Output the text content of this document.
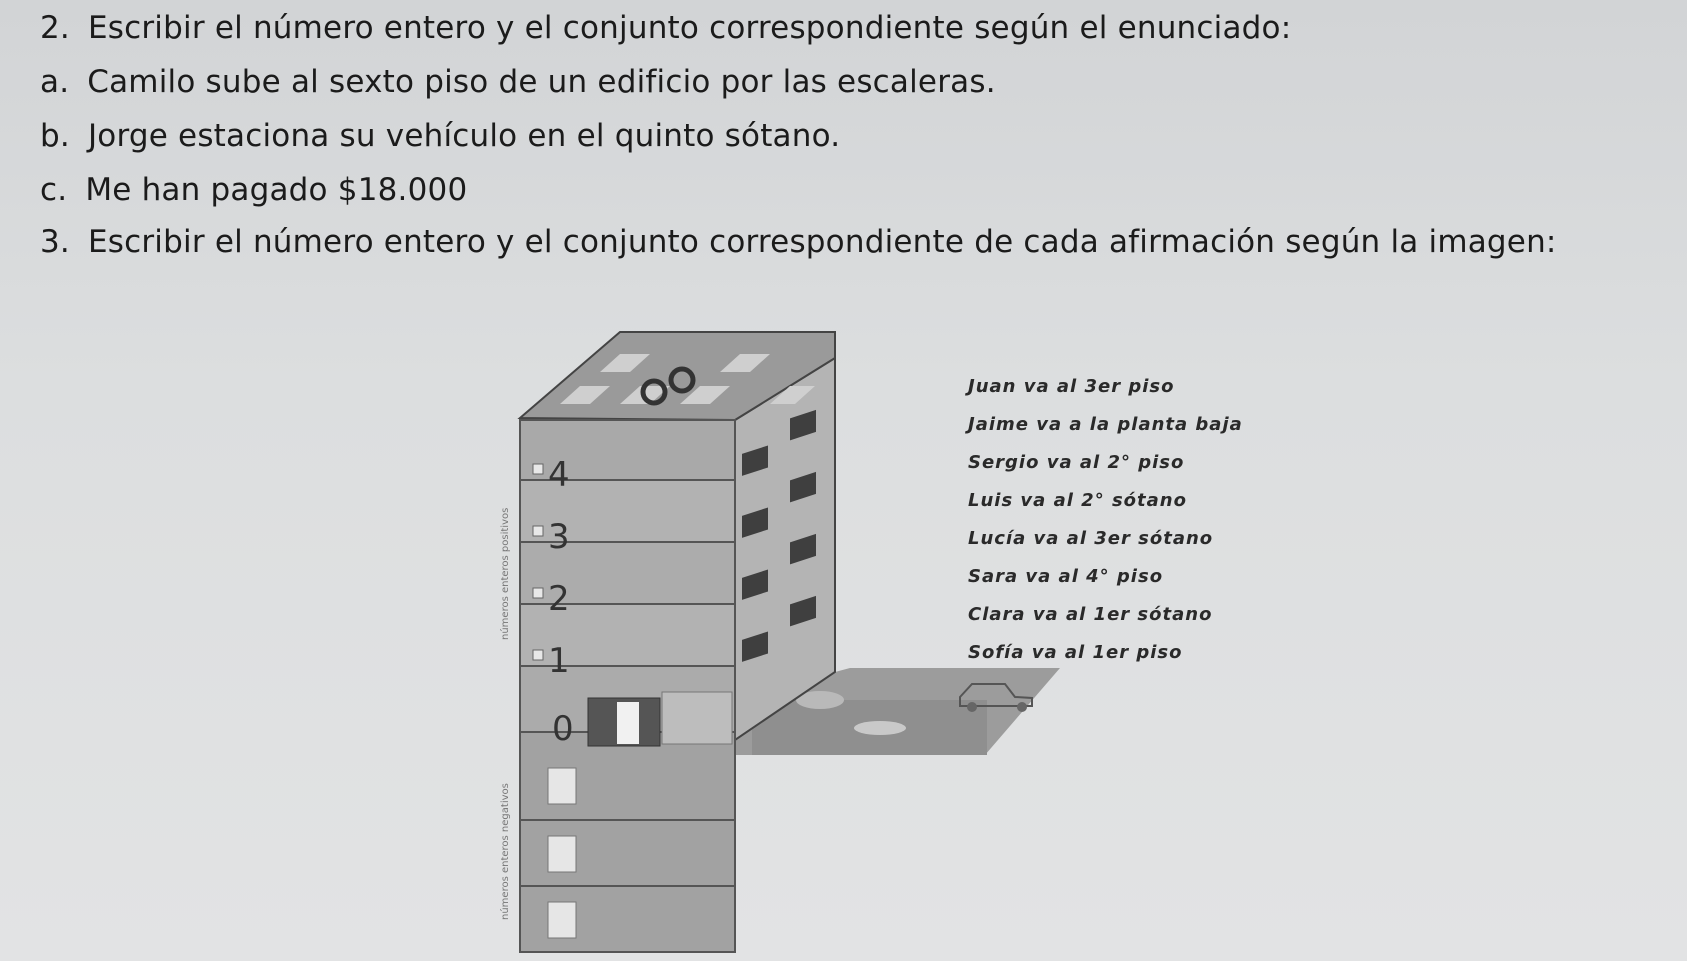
2. Escribir el número entero y el conjunto correspondiente según el enunciado:
a. Camilo sube al sexto piso de un edificio por las escaleras.
b. Jorge estaciona su vehículo en el quinto sótano.
c. Me han pagado $18.000
3. Escribir el número entero y el conjunto correspondiente de cada afirmación según la imagen:
4
3
2
1
0
números enteros positivos
números enteros negativos
Juan va al 3er piso
Jaime va a la planta baja
Sergio va al 2° piso
Luis va al 2° sótano
Lucía va al 3er sótano
Sara va al 4° piso
Clara va al 1er sótano
Sofía va al 1er piso
